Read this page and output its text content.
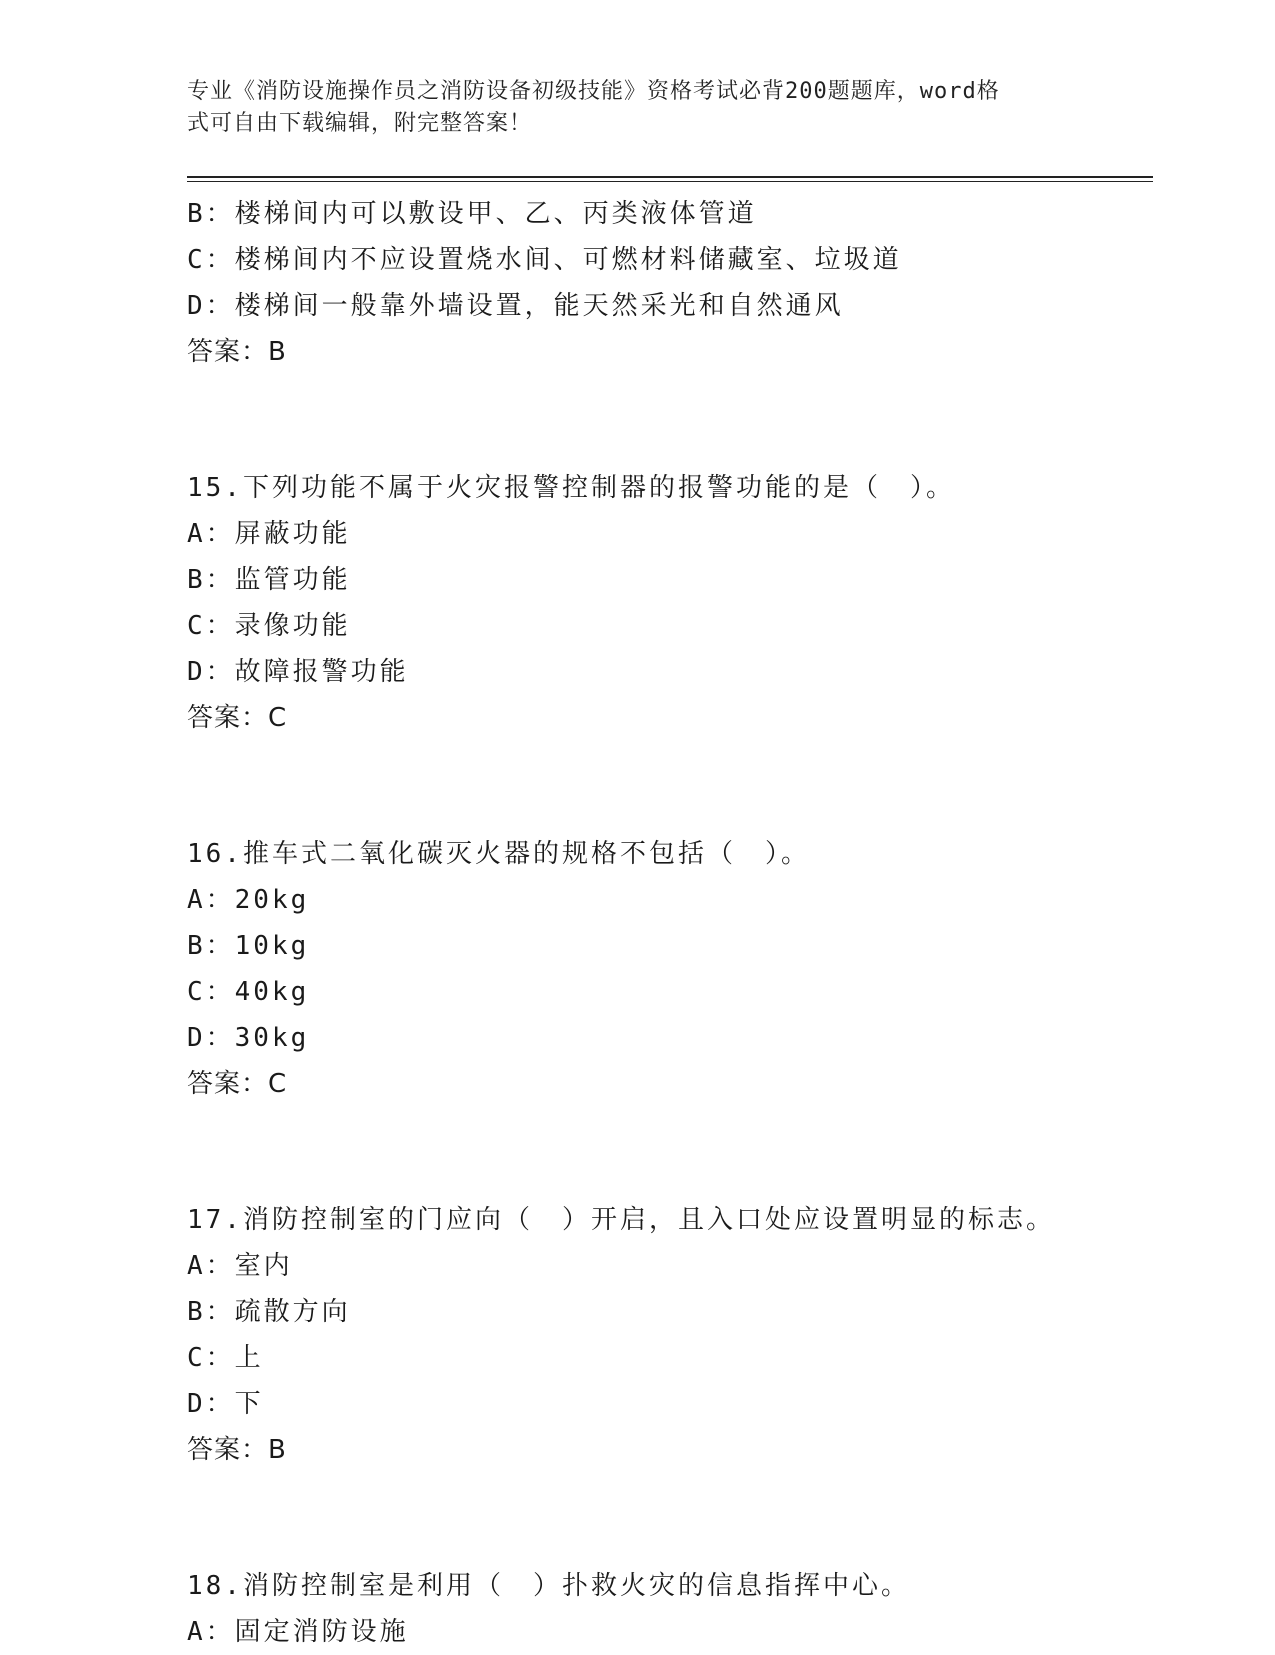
专业《消防设施操作员之消防设备初级技能》资格考试必背200题题库，word格
式可自由下载编辑，附完整答案！
B：楼梯间内可以敷设甲、乙、丙类液体管道
C：楼梯间内不应设置烧水间、可燃材料储藏室、垃圾道
D：楼梯间一般靠外墙设置，能天然采光和自然通风
答案：B
15.下列功能不属于火灾报警控制器的报警功能的是（　）。
A：屏蔽功能
B：监管功能
C：录像功能
D：故障报警功能
答案：C
16.推车式二氧化碳灭火器的规格不包括（　）。
A：20kg
B：10kg
C：40kg
D：30kg
答案：C
17.消防控制室的门应向（　）开启，且入口处应设置明显的标志。
A：室内
B：疏散方向
C：上
D：下
答案：B
18.消防控制室是利用（　）扑救火灾的信息指挥中心。
A：固定消防设施
